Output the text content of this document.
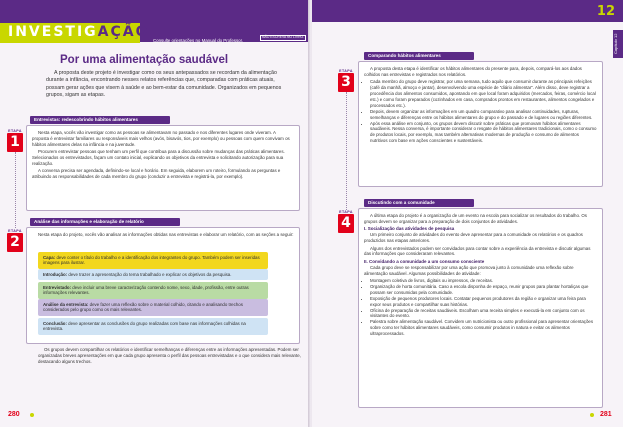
INVESTIGAÇÃO
Consulte orientações no Manual do Professor.
NÃO ESCREVA NO LIVRO.
Por uma alimentação saudável

A proposta deste projeto é investigar como os seus antepassados se recordam da alimentação durante a infância, encontrando nesses relatos referências que, comparadas com práticas atuais, possam gerar ações que visem à saúde e ao bem-estar da comunidade. Organizados em pequenos grupos, sigam as etapas.

ETAPA
1
Entrevistas: redescobrindo hábitos alimentares

Nesta etapa, vocês vão investigar como as pessoas se alimentavam no passado e nos diferentes lugares onde viveram. A proposta é entrevistar familiares ou responsáveis mais velhos (avós, bisavós, tios, por exemplo) ou pessoas com quem convivam os hábitos alimentares delas na infância e na juventude.

Procurem entrevistar pessoas que tenham um perfil que contribua para a discussão sobre mudanças das práticas alimentares. Selecionados os entrevistados, façam um contato inicial, explicando os objetivos da entrevista e solicitando autorização para sua realização.

A conversa precisa ser agendada, definindo-se local e horário. Em seguida, elaborem um roteiro, formulando as perguntas e atribuindo as responsabilidades de cada membro do grupo (conduzir a entrevista e registrá-la, por exemplo).

ETAPA
2
Análise das informações e elaboração de relatório

Nesta etapa do projeto, vocês vão analisar as informações obtidas nas entrevistas e elaborar um relatório, com as seções a seguir:

Capa: deve conter o título do trabalho e a identificação dos integrantes do grupo. Também podem ser inseridas imagens para ilustrar.
Introdução: deve trazer a apresentação do tema trabalhado e explicar os objetivos da pesquisa.
Entrevistado: deve incluir uma breve caracterização contendo nome, sexo, idade, profissão, entre outras informações relevantes.
Análise da entrevista: deve fazer uma reflexão sobre o material colhido, citando e analisando trechos considerados pelo grupo como os mais relevantes.
Conclusão: deve apresentar as conclusões do grupo realizadas com base nas informações colhidas na entrevista.

Os grupos devem compartilhar os relatórios e identificar semelhanças e diferenças entre as informações apresentadas. Podem ser organizadas breves apresentações em que cada grupo apresenta o perfil das pessoas entrevistadas e o que considera mais relevante, destacando alguns trechos.

280
12
Capítulo 12
ETAPA
3
Comparando hábitos alimentares

A proposta desta etapa é identificar os hábitos alimentares do presente para, depois, compará-los aos dados colhidos nas entrevistas e registrados nos relatórios.

• Cada membro do grupo deve registrar, por uma semana, tudo aquilo que consumir durante as principais refeições (café da manhã, almoço e jantar), desenvolvendo uma espécie de “diário alimentar”. Além disso, deve registrar a procedência dos alimentos consumidos, apontando em que local foram adquiridos (mercados, feiras, comércio local etc.) e como foram preparados (cozinhados em casa, comprados prontos em restaurantes, alimentos congelados e processados etc.).
• Depois, devem organizar as informações em um quadro comparativo para analisar continuidades, rupturas, semelhanças e diferenças entre os hábitos alimentares do grupo e do passado e de lugares ou regiões diferentes.
• Após essa análise em conjunto, os grupos devem discutir sobre práticas que promovam hábitos alimentares saudáveis. Nessa conversa, é importante considerar o resgate de hábitos alimentares tradicionais, como o consumo de produtos locais, por exemplo, mas também alternativas modernas de produção e consumo de alimentos nutritivos com base em ações conscientes e sustentáveis.
ETAPA
4
Discutindo com a comunidade

A última etapa do projeto é a organização de um evento na escola para socializar os resultados do trabalho. Os grupos devem se organizar para a preparação de dois conjuntos de atividades.

I. Socialização das atividades de pesquisa

Um primeiro conjunto de atividades do evento deve apresentar para a comunidade os relatórios e os quadros produzidos nas etapas anteriores.

Alguns dos entrevistados podem ser convidados para contar sobre a experiência da entrevista e discutir algumas das informações que consideraram relevantes.

II. Convidando a comunidade a um consumo consciente

Cada grupo deve se responsabilizar por uma ação que promova junto à comunidade uma reflexão sobre alimentação saudável. Algumas possibilidades de atividade:

• Montagem coletiva de livros, digitais ou impressos, de receitas.
• Organização de horta comunitária. Caso a escola disponha de espaço, reunir grupos para plantar hortaliças que possam ser consumidas pela comunidade.
• Exposição de pequenos produtores locais. Contatar pequenos produtores da região e organizar uma feira para expor seus produtos e compartilhar suas histórias.
• Oficina de preparação de receitas saudáveis. Escolham uma receita simples e executá-la em conjunto com os visitantes do evento.
• Palestra sobre alimentação saudável. Convidem um nutricionista ou outro profissional para apresentar orientações sobre como ter hábitos alimentares saudáveis, como consumir produtos in natura e evitar os alimentos ultraprocessados.
281
